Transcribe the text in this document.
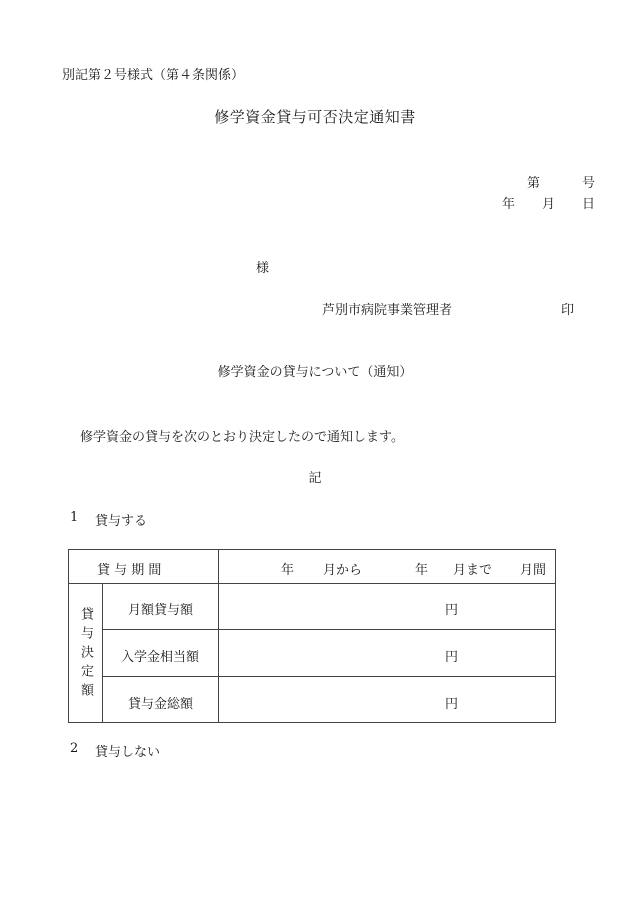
別記第２号様式（第４条関係）
修学資金貸与可否決定通知書
第	号
年 月 日
様
芦別市病院事業管理者	印
修学資金の貸与について（通知）
修学資金の貸与を次のとおり決定したので通知します。
記
1 貸与する
貸 与 期 間	年 月から	年 月まで 月間
貸与決定額	月額貸与額	円
入学金相当額	円
貸与金総額	円
2 貸与しない
